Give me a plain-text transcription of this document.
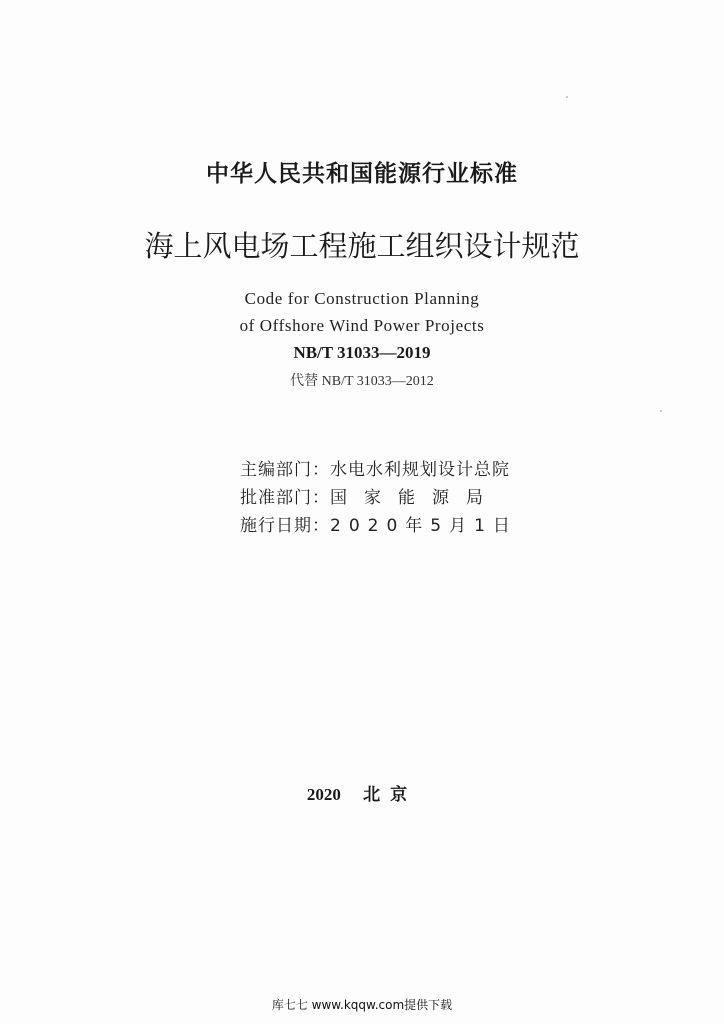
中华人民共和国能源行业标准
海上风电场工程施工组织设计规范
Code for Construction Planning
of Offshore Wind Power Projects
NB/T 31033—2019
代替 NB/T 31033—2012
主编部门：水电水利规划设计总院
批准部门：国家能源局
施行日期：2020年5月1日
2020 北京
库七七 www.kqqw.com提供下载
